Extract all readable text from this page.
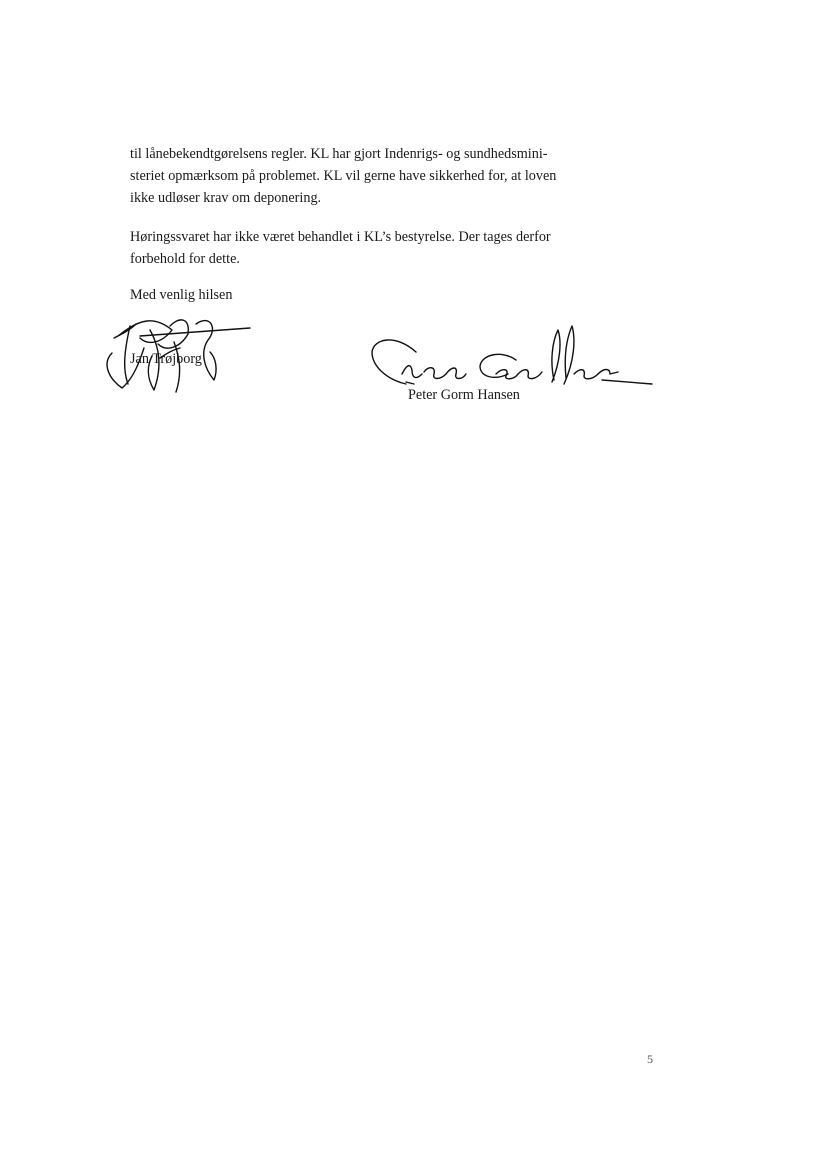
til lånebekendtgørelsens regler. KL har gjort Indenrigs- og sundhedsmini-
steriet opmærksom på problemet. KL vil gerne have sikkerhed for, at loven
ikke udløser krav om deponering.

Høringssvaret har ikke været behandlet i KL’s bestyrelse. Der tages derfor
forbehold for dette.

Med venlig hilsen
Jan Trøjborg
Peter Gorm Hansen
5
